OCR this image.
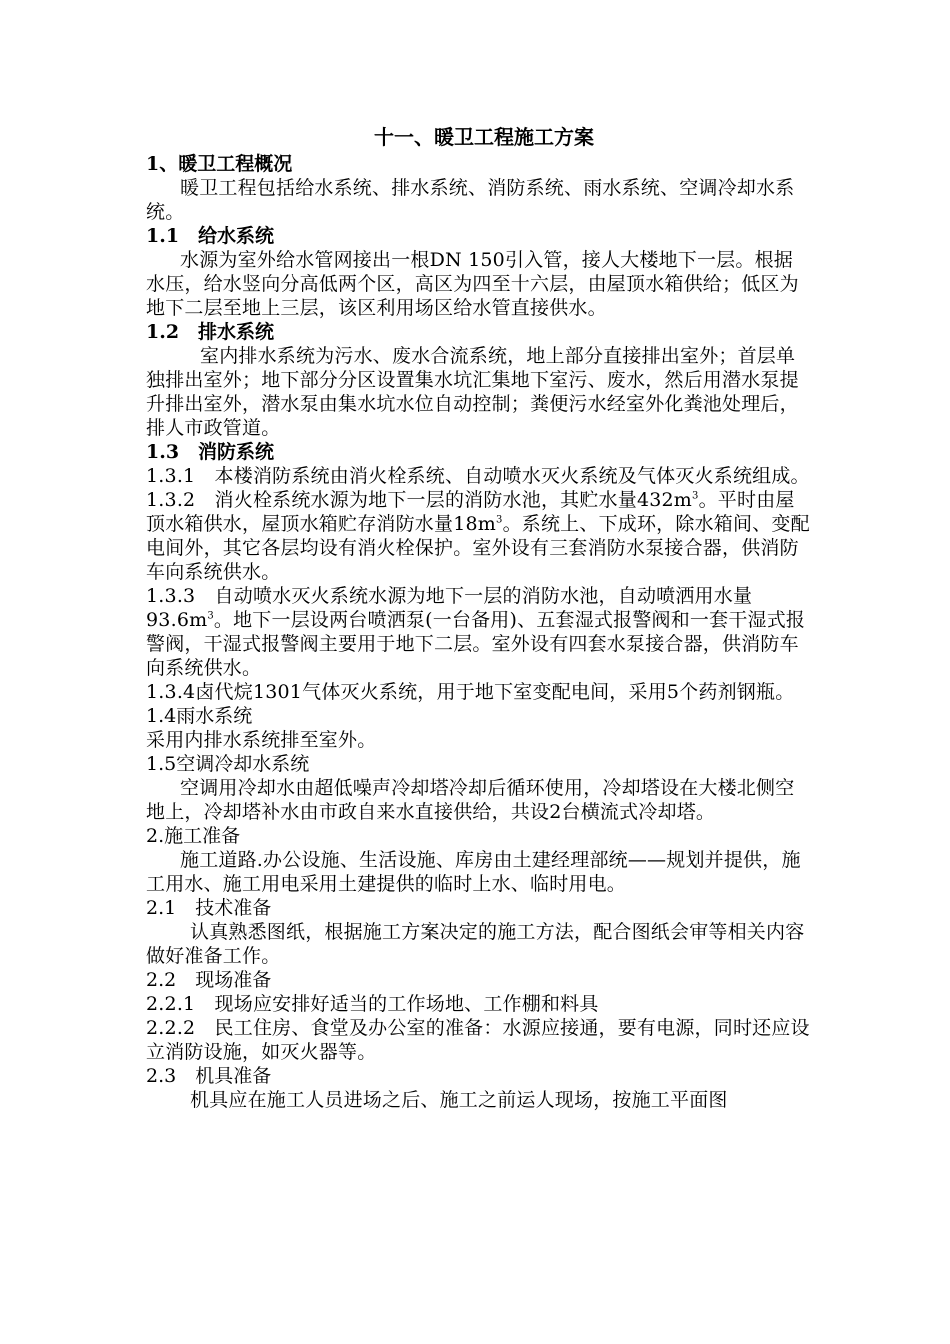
十一、暖卫工程施工方案
1、暖卫工程概况

暖卫工程包括给水系统、排水系统、消防系统、雨水系统、空调冷却水系统。

1.1　给水系统

水源为室外给水管网接出一根DN 150引入管，接人大楼地下一层。根据水压，给水竖向分高低两个区，高区为四至十六层，由屋顶水箱供给；低区为地下二层至地上三层，该区利用场区给水管直接供水。

1.2　排水系统

室内排水系统为污水、废水合流系统，地上部分直接排出室外；首层单独排出室外；地下部分分区设置集水坑汇集地下室污、废水，然后用潜水泵提升排出室外，潜水泵由集水坑水位自动控制；粪便污水经室外化粪池处理后，排人市政管道。

1.3　消防系统

1.3.1　本楼消防系统由消火栓系统、自动喷水灭火系统及气体灭火系统组成。

1.3.2　消火栓系统水源为地下一层的消防水池，其贮水量$432m^3$。平时由屋顶水箱供水，屋顶水箱贮存消防水量$18m^3$。系统上、下成环，除水箱间、变配电间外，其它各层均设有消火栓保护。室外设有三套消防水泵接合器，供消防车向系统供水。

1.3.3　自动喷水灭火系统水源为地下一层的消防水池，自动喷洒用水量$93.6m^3$。地下一层设两台喷洒泵(一台备用)、五套湿式报警阀和一套干湿式报警阀，干湿式报警阀主要用于地下二层。室外设有四套水泵接合器，供消防车向系统供水。

1.3.4卤代烷1301气体灭火系统，用于地下室变配电间，采用5个药剂钢瓶。

1.4雨水系统

采用内排水系统排至室外。

1.5空调冷却水系统

空调用冷却水由超低噪声冷却塔冷却后循环使用，冷却塔设在大楼北侧空地上，冷却塔补水由市政自来水直接供给，共设2台横流式冷却塔。

2.施工准备

施工道路.办公设施、生活设施、库房由土建经理部统——规划并提供，施工用水、施工用电采用土建提供的临时上水、临时用电。

2.1　技术准备

认真熟悉图纸，根据施工方案决定的施工方法，配合图纸会审等相关内容做好准备工作。

2.2　现场准备

2.2.1　现场应安排好适当的工作场地、工作棚和料具

2.2.2　民工住房、食堂及办公室的准备：水源应接通，要有电源，同时还应设立消防设施，如灭火器等。

2.3　机具准备

机具应在施工人员进场之后、施工之前运人现场，按施工平面图
